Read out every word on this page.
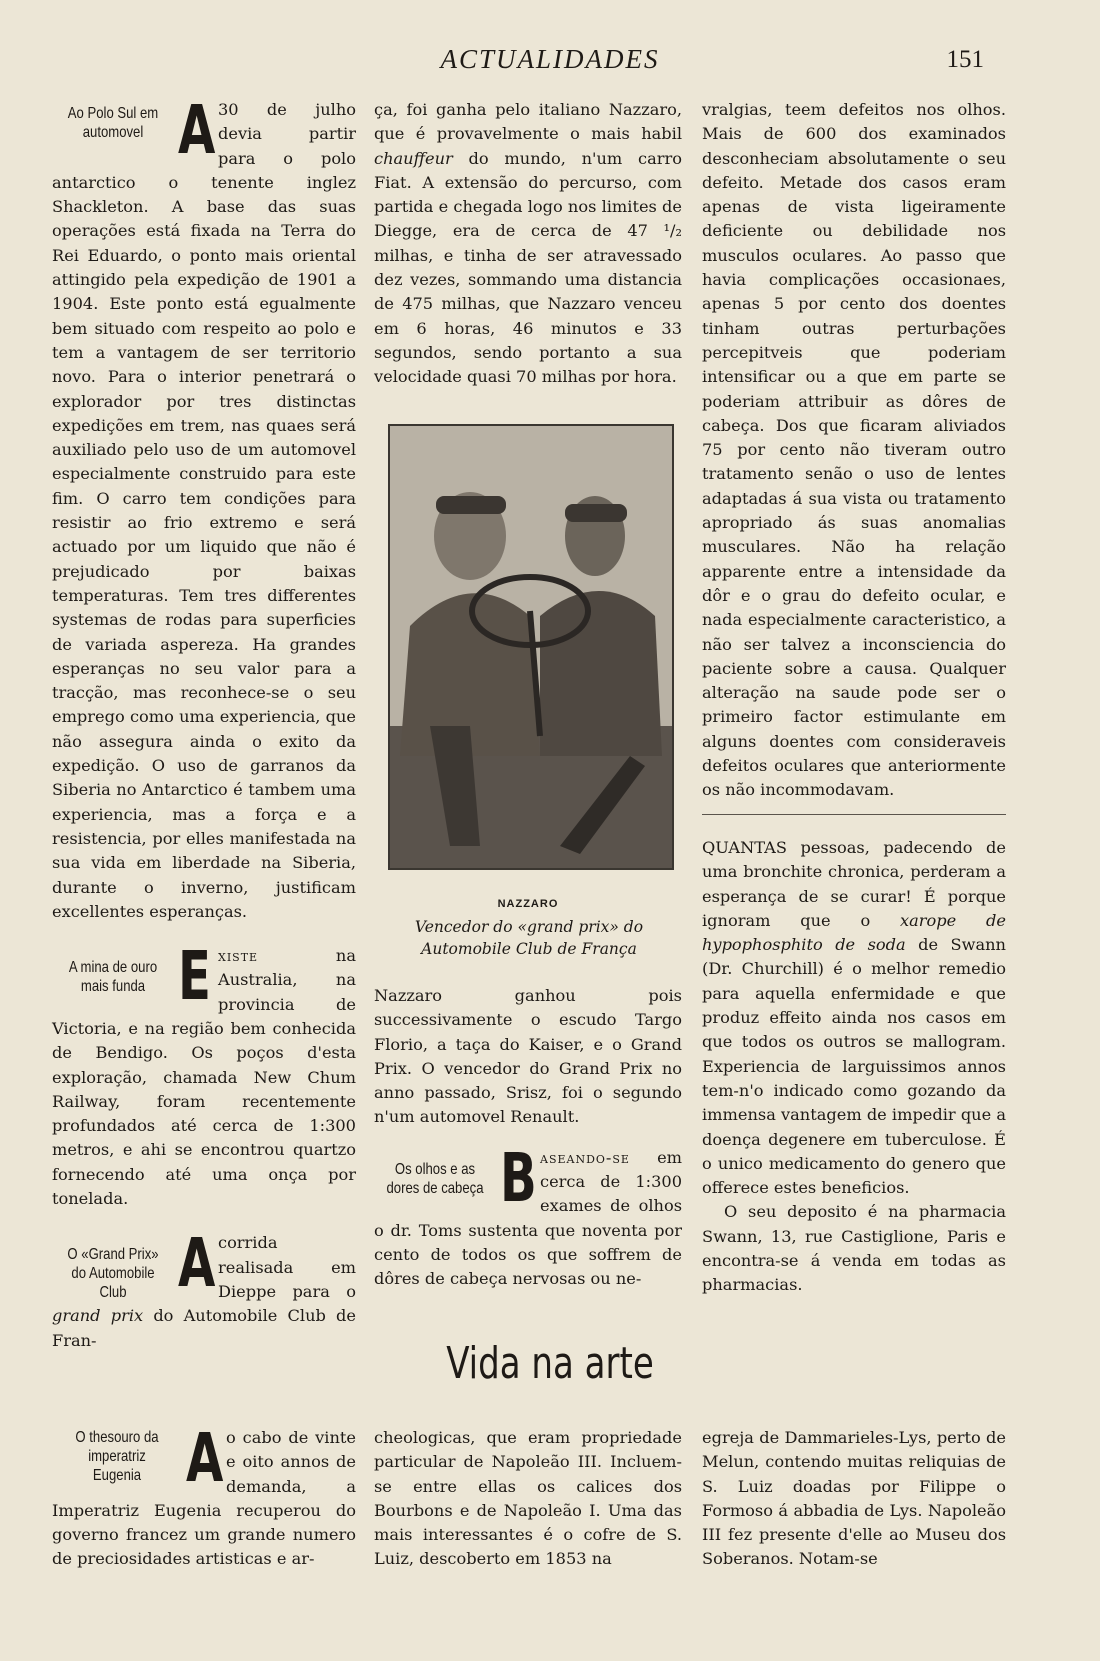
ACTUALIDADES	151
Ao Polo Sul em automovel A 30 de julho devia partir para o polo antarctico o tenente inglez Shackleton. A base das suas operações está fixada na Terra do Rei Eduardo, o ponto mais oriental attingido pela expedição de 1901 a 1904. Este ponto está egualmente bem situado com respeito ao polo e tem a vantagem de ser territorio novo. Para o interior penetrará o explorador por tres distinctas expedições em trem, nas quaes será auxiliado pelo uso de um automovel especialmente construido para este fim. O carro tem condições para resistir ao frio extremo e será actuado por um liquido que não é prejudicado por baixas temperaturas. Tem tres differentes systemas de rodas para superficies de variada aspereza. Ha grandes esperanças no seu valor para a tracção, mas reconhece-se o seu emprego como uma experiencia, que não assegura ainda o exito da expedição. O uso de garranos da Siberia no Antarctico é tambem uma experiencia, mas a força e a resistencia, por elles manifestada na sua vida em liberdade na Siberia, durante o inverno, justificam excellentes esperanças.
A mina de ouro mais funda E xiste	na Australia, na provincia de Victoria, e na região bem conhecida de Bendigo. Os poços d'esta exploração, chamada New Chum Railway, foram recentemente profundados até cerca de 1:300 metros, e ahi se encontrou quartzo fornecendo até uma onça por tonelada.
O «Grand Prix» do Automobile Club A corrida realisada em Dieppe para o grand prix do Automobile Club de Fran-
ça, foi ganha pelo italiano Nazzaro, que é provavelmente o mais habil chauffeur do mundo, n'um carro Fiat. A extensão do percurso, com partida e chegada logo nos limites de Diegge, era de cerca de 47 ¹/₂ milhas, e tinha de ser atravessado dez vezes, sommando uma distancia de 475 milhas, que Nazzaro venceu em 6 horas, 46 minutos e 33 segundos, sendo portanto a sua velocidade quasi 70 milhas por hora.
NAZZARO
Vencedor do «grand prix» do Automobile Club de França
Nazzaro ganhou pois successivamente o escudo Targo Florio, a taça do Kaiser, e o Grand Prix. O vencedor do Grand Prix no anno passado, Srisz, foi o segundo n'um automovel Renault.
Os olhos e as dores de cabeça B aseando-se em cerca de 1:300 exames de olhos o dr. Toms sustenta que noventa por cento de todos os que soffrem de dôres de cabeça nervosas ou ne-
vralgias, teem defeitos nos olhos. Mais de 600 dos examinados desconheciam absolutamente o seu defeito. Metade dos casos eram apenas de vista ligeiramente deficiente ou debilidade nos musculos oculares. Ao passo que havia complicações occasionaes, apenas 5 por cento dos doentes tinham outras perturbações percepitveis que poderiam intensificar ou a que em parte se poderiam attribuir as dôres de cabeça. Dos que ficaram aliviados 75 por cento não tiveram outro tratamento senão o uso de lentes adaptadas á sua vista ou tratamento apropriado ás suas anomalias musculares. Não ha relação apparente entre a intensidade da dôr e o grau do defeito ocular, e nada especialmente caracteristico, a não ser talvez a inconsciencia do paciente sobre a causa. Qualquer alteração na saude pode ser o primeiro factor estimulante em alguns doentes com consideraveis defeitos oculares que anteriormente os não incommodavam.
QUANTAS pessoas, padecendo de uma bronchite chronica, perderam a esperança de se curar! É porque ignoram que o xarope de hypophosphito de soda de Swann (Dr. Churchill) é o melhor remedio para aquella enfermidade e que produz effeito ainda nos casos em que todos os outros se mallogram. Experiencia de larguissimos annos tem-n'o indicado como gozando da immensa vantagem de impedir que a doença degenere em tuberculose. É o unico medicamento do genero que offerece estes beneficios.
O seu deposito é na pharmacia Swann, 13, rue Castiglione, Paris e encontra-se á venda em todas as pharmacias.
Vida na arte
O thesouro da imperatriz Eugenia A o cabo de vinte e oito annos de demanda, a Imperatriz Eugenia recuperou do governo francez um grande numero de preciosidades artisticas e ar-
cheologicas, que eram propriedade particular de Napoleão III. Incluem-se entre ellas os calices dos Bourbons e de Napoleão I. Uma das mais interessantes é o cofre de S. Luiz, descoberto em 1853 na
egreja de Dammarieles-Lys, perto de Melun, contendo muitas reliquias de S. Luiz doadas por Filippe o Formoso á abbadia de Lys. Napoleão III fez presente d'elle ao Museu dos Soberanos. Notam-se
